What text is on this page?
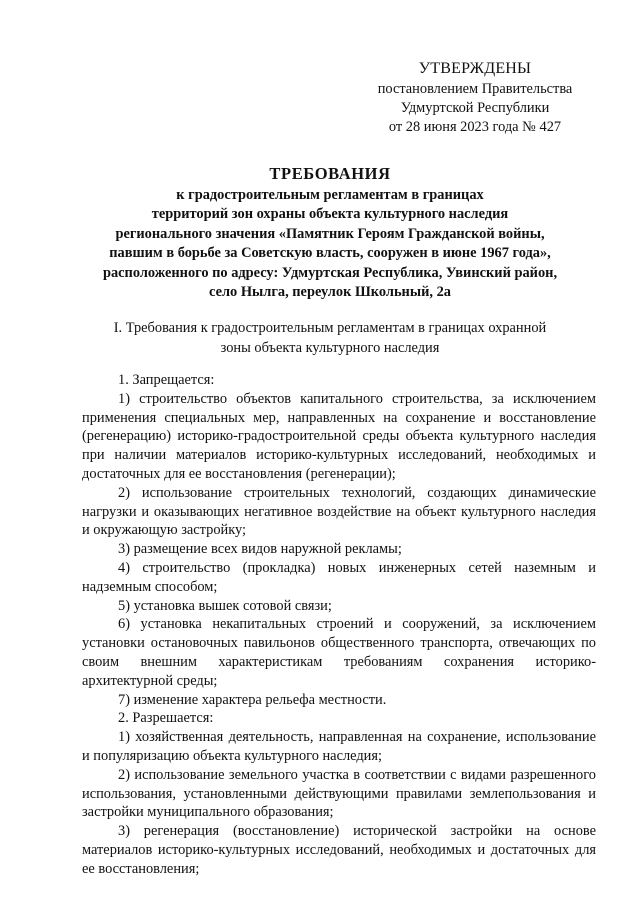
УТВЕРЖДЕНЫ
постановлением Правительства
Удмуртской Республики
от 28 июня 2023 года № 427
ТРЕБОВАНИЯ
к градостроительным регламентам в границах
территорий зон охраны объекта культурного наследия
регионального значения «Памятник Героям Гражданской войны,
павшим в борьбе за Советскую власть, сооружен в июне 1967 года»,
расположенного по адресу: Удмуртская Республика, Увинский район,
село Нылга, переулок Школьный, 2а
I. Требования к градостроительным регламентам в границах охранной
зоны объекта культурного наследия

1. Запрещается:

1) строительство объектов капитального строительства, за исключением применения специальных мер, направленных на сохранение и восстановление (регенерацию) историко-градостроительной среды объекта культурного наследия при наличии материалов историко-культурных исследований, необходимых и достаточных для ее восстановления (регенерации);

2) использование строительных технологий, создающих динамические нагрузки и оказывающих негативное воздействие на объект культурного наследия и окружающую застройку;

3) размещение всех видов наружной рекламы;

4) строительство (прокладка) новых инженерных сетей наземным и надземным способом;

5) установка вышек сотовой связи;

6) установка некапитальных строений и сооружений, за исключением установки остановочных павильонов общественного транспорта, отвечающих по своим внешним характеристикам требованиям сохранения историко-архитектурной среды;

7) изменение характера рельефа местности.

2. Разрешается:

1) хозяйственная деятельность, направленная на сохранение, использование и популяризацию объекта культурного наследия;

2) использование земельного участка в соответствии с видами разрешенного использования, установленными действующими правилами землепользования и застройки муниципального образования;

3) регенерация (восстановление) исторической застройки на основе материалов историко-культурных исследований, необходимых и достаточных для ее восстановления;
